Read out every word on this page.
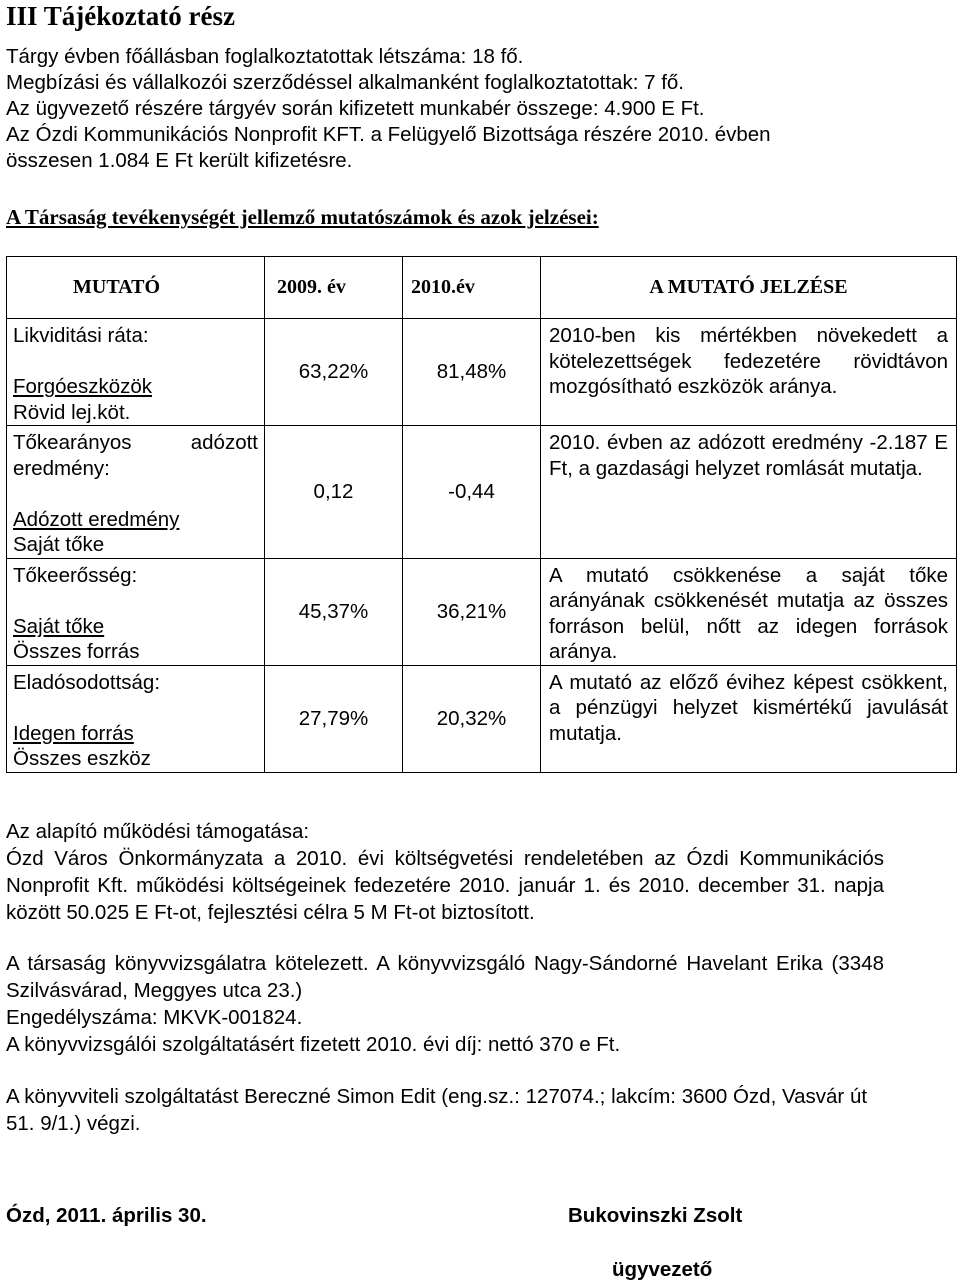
III Tájékoztató rész

Tárgy évben főállásban foglalkoztatottak létszáma: 18 fő.

Megbízási és vállalkozói szerződéssel alkalmanként foglalkoztatottak: 7 fő.

Az ügyvezető részére tárgyév során kifizetett munkabér összege: 4.900 E Ft.

Az Ózdi Kommunikációs Nonprofit KFT. a Felügyelő Bizottsága részére 2010. évben

összesen 1.084 E Ft került kifizetésre.

A Társaság tevékenységét jellemző mutatószámok és azok jelzései:

MUTATÓ	2009. év	2010.év	A MUTATÓ JELZÉSE

Likviditási ráta:
Forgóeszközök
Rövid lej.köt.	63,22%	81,48%	2010-ben kis mértékben növekedett a kötelezettségek fedezetére rövidtávon mozgósítható eszközök aránya.

Tőkearányos adózott
eredmény:
Adózott eredmény
Saját tőke	0,12	-0,44	2010. évben az adózott eredmény -2.187 E Ft, a gazdasági helyzet romlását mutatja.

Tőkeerősség:
Saját tőke
Összes forrás	45,37%	36,21%	A mutató csökkenése a saját tőke arányának csökkenését mutatja az összes forráson belül, nőtt az idegen források aránya.

Eladósodottság:
Idegen forrás
Összes eszköz	27,79%	20,32%	A mutató az előző évihez képest csökkent, a pénzügyi helyzet kismértékű javulását mutatja.

Az alapító működési támogatása:

Ózd Város Önkormányzata a 2010. évi költségvetési rendeletében az Ózdi Kommunikációs Nonprofit Kft. működési költségeinek fedezetére 2010. január 1. és 2010. december 31. napja között 50.025 E Ft-ot, fejlesztési célra 5 M Ft-ot biztosított.

A társaság könyvvizsgálatra kötelezett. A könyvvizsgáló Nagy-Sándorné Havelant Erika (3348 Szilvásvárad, Meggyes utca 23.)

Engedélyszáma: MKVK-001824.

A könyvvizsgálói szolgáltatásért fizetett 2010. évi díj: nettó 370 e Ft.

A könyvviteli szolgáltatást Bereczné Simon Edit (eng.sz.: 127074.; lakcím: 3600 Ózd, Vasvár út 51. 9/1.) végzi.

Ózd, 2011. április 30.	Bukovinszki Zsolt
ügyvezető
